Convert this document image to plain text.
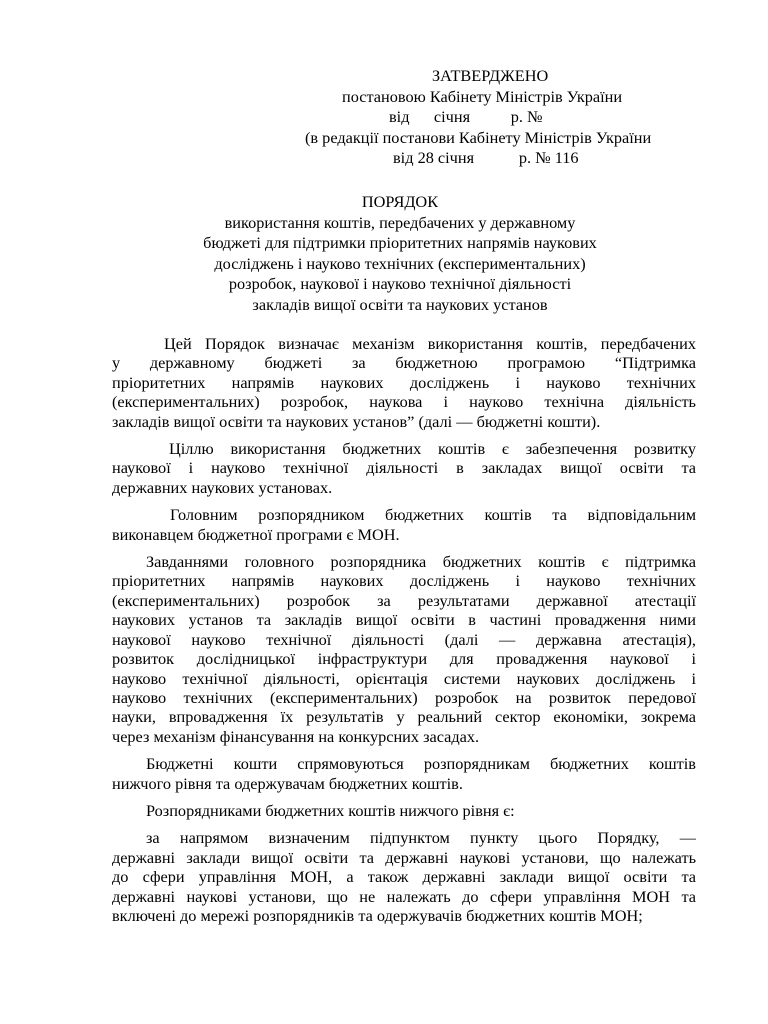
ЗАТВЕРДЖЕНО
постановою Кабінету Міністрів України
від      січня          р. №
(в редакції постанови Кабінету Міністрів України
від 28 січня           р. № 116
ПОРЯДОК
використання коштів, передбачених у державному
бюджеті для підтримки пріоритетних напрямів наукових
досліджень і науково технічних (експериментальних)
розробок, наукової і науково технічної діяльності
закладів вищої освіти та наукових установ

Цей Порядок визначає механізм використання коштів, передбачених
у державному бюджеті за бюджетною програмою “Підтримка
пріоритетних напрямів наукових досліджень і науково технічних
(експериментальних) розробок, наукова і науково технічна діяльність
закладів вищої освіти та наукових установ” (далі — бюджетні кошти).

Ціллю використання бюджетних коштів є забезпечення розвитку
наукової і науково технічної діяльності в закладах вищої освіти та
державних наукових установах.

Головним розпорядником бюджетних коштів та відповідальним
виконавцем бюджетної програми є МОН.

Завданнями головного розпорядника бюджетних коштів є підтримка
пріоритетних напрямів наукових досліджень і науково технічних
(експериментальних) розробок за результатами державної атестації
наукових установ та закладів вищої освіти в частині провадження ними
наукової науково технічної діяльності (далі — державна атестація),
розвиток дослідницької інфраструктури для провадження наукової і
науково технічної діяльності, орієнтація системи наукових досліджень і
науково технічних (експериментальних) розробок на розвиток передової
науки, впровадження їх результатів у реальний сектор економіки, зокрема
через механізм фінансування на конкурсних засадах.

Бюджетні кошти спрямовуються розпорядникам бюджетних коштів
нижчого рівня та одержувачам бюджетних коштів.

Розпорядниками бюджетних коштів нижчого рівня є:

за напрямом визначеним підпунктом пункту цього Порядку, —
державні заклади вищої освіти та державні наукові установи, що належать
до сфери управління МОН, а також державні заклади вищої освіти та
державні наукові установи, що не належать до сфери управління МОН та
включені до мережі розпорядників та одержувачів бюджетних коштів МОН;
